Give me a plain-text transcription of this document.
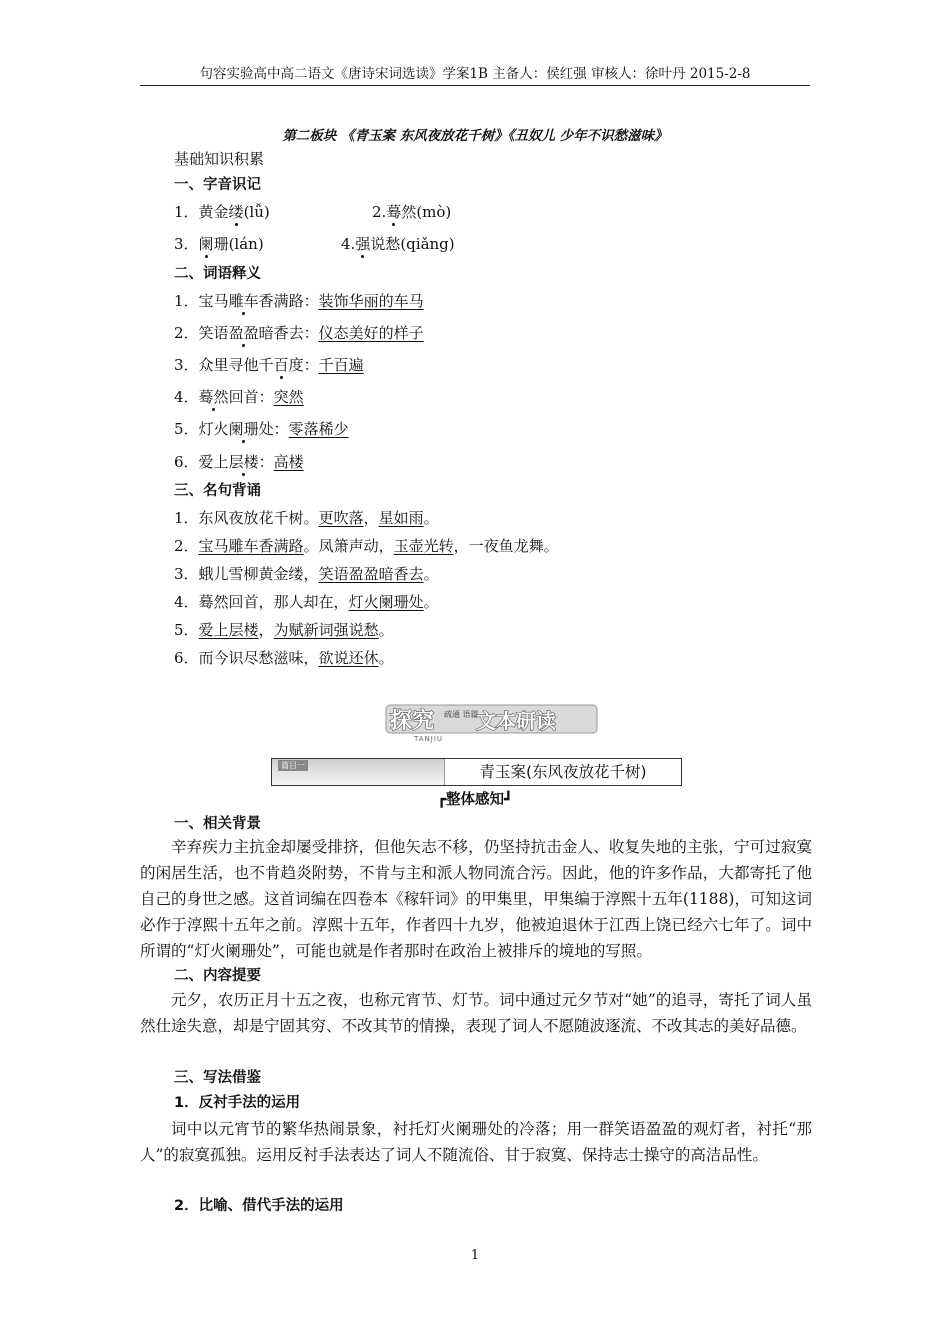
句容实验高中高二语文《唐诗宋词选读》学案1B 主备人：侯红强 审核人：徐叶丹 2015-2-8
第二板块 《青玉案 东风夜放花千树》《丑奴儿 少年不识愁滋味》
基础知识积累
一、字音识记
1．黄金缕(lǚ)	2.蓦然(mò)
3．阑珊(lán)	4.强说愁(qiǎng)
二、词语释义
1．宝马雕车香满路：装饰华丽的车马
2．笑语盈盈暗香去：仪态美好的样子
3．众里寻他千百度：千百遍
4．蓦然回首：突然
5．灯火阑珊处：零落稀少
6．爱上层楼：高楼
三、名句背诵
1．东风夜放花千树。更吹落，星如雨。
2．宝马雕车香满路。凤箫声动，玉壶光转，一夜鱼龙舞。
3．蛾儿雪柳黄金缕，笑语盈盈暗香去。
4．蓦然回首，那人却在，灯火阑珊处。
5．爱上层楼，为赋新词强说愁。
6．而今识尽愁滋味，欲说还休。
探究 疏通 语篇
文本研读
TANJIU
篇目一	青玉案(东风夜放花千树)
┏整体感知┛
一、相关背景
辛弃疾力主抗金却屡受排挤，但他矢志不移，仍坚持抗击金人、收复失地的主张，宁可过寂寞的闲居生活，也不肯趋炎附势，不肯与主和派人物同流合污。因此，他的许多作品，大都寄托了他自己的身世之感。这首词编在四卷本《稼轩词》的甲集里，甲集编于淳熙十五年(1188)，可知这词必作于淳熙十五年之前。淳熙十五年，作者四十九岁，他被迫退休于江西上饶已经六七年了。词中所谓的“灯火阑珊处”，可能也就是作者那时在政治上被排斥的境地的写照。
二、内容提要
元夕，农历正月十五之夜，也称元宵节、灯节。词中通过元夕节对“她”的追寻，寄托了词人虽然仕途失意，却是宁固其穷、不改其节的情操，表现了词人不愿随波逐流、不改其志的美好品德。
三、写法借鉴
1．反衬手法的运用
词中以元宵节的繁华热闹景象，衬托灯火阑珊处的冷落；用一群笑语盈盈的观灯者，衬托“那人”的寂寞孤独。运用反衬手法表达了词人不随流俗、甘于寂寞、保持志士操守的高洁品性。
2．比喻、借代手法的运用
1
